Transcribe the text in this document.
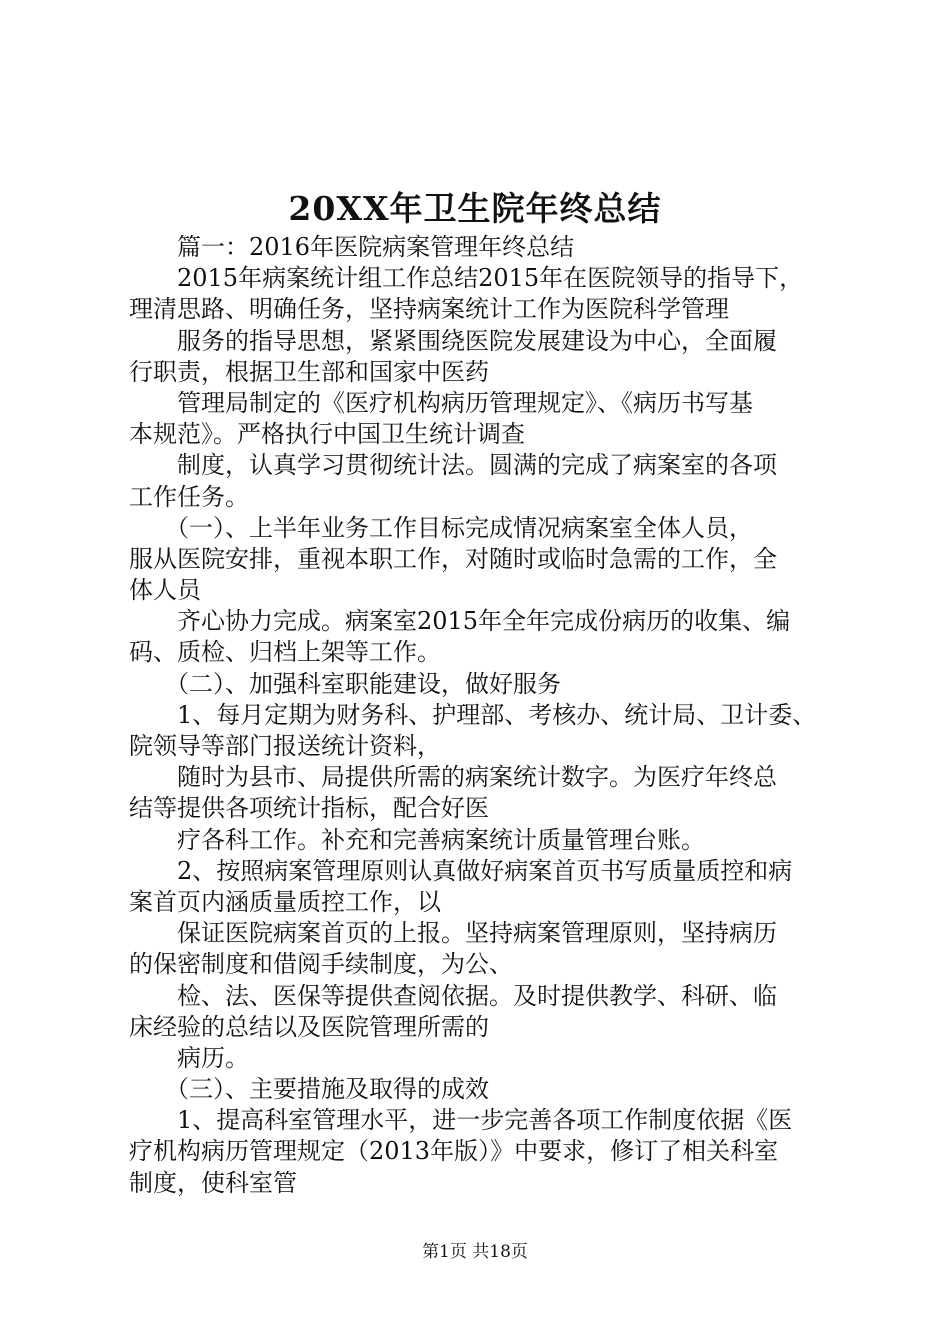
20XX年卫生院年终总结
　　篇一：2016年医院病案管理年终总结
　　2015年病案统计组工作总结2015年在医院领导的指导下，
理清思路、明确任务，坚持病案统计工作为医院科学管理
　　服务的指导思想，紧紧围绕医院发展建设为中心，全面履
行职责，根据卫生部和国家中医药
　　管理局制定的《医疗机构病历管理规定》、《病历书写基
本规范》。严格执行中国卫生统计调查
　　制度，认真学习贯彻统计法。圆满的完成了病案室的各项
工作任务。
　　（一）、上半年业务工作目标完成情况病案室全体人员，
服从医院安排，重视本职工作，对随时或临时急需的工作，全
体人员
　　齐心协力完成。病案室2015年全年完成份病历的收集、编
码、质检、归档上架等工作。
　　（二）、加强科室职能建设，做好服务
　　1、每月定期为财务科、护理部、考核办、统计局、卫计委、
院领导等部门报送统计资料，
　　随时为县市、局提供所需的病案统计数字。为医疗年终总
结等提供各项统计指标，配合好医
　　疗各科工作。补充和完善病案统计质量管理台账。
　　2、按照病案管理原则认真做好病案首页书写质量质控和病
案首页内涵质量质控工作，以
　　保证医院病案首页的上报。坚持病案管理原则，坚持病历
的保密制度和借阅手续制度，为公、
　　检、法、医保等提供查阅依据。及时提供教学、科研、临
床经验的总结以及医院管理所需的
　　病历。
　　（三）、主要措施及取得的成效
　　1、提高科室管理水平，进一步完善各项工作制度依据《医
疗机构病历管理规定（2013年版）》中要求，修订了相关科室
制度，使科室管
第1页 共18页
